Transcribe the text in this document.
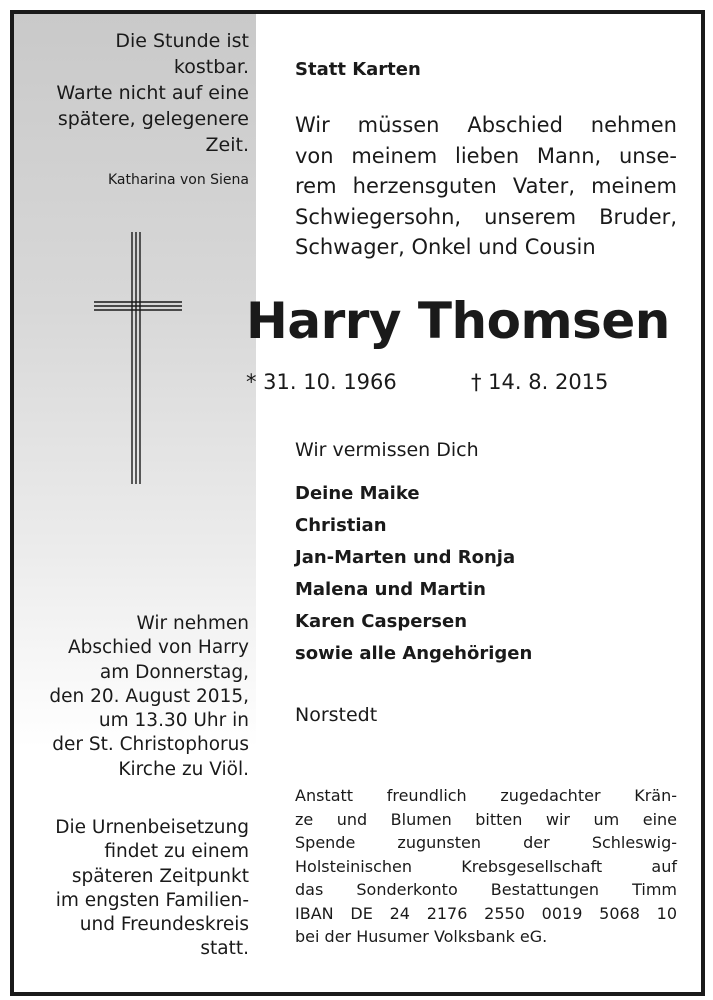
Die Stunde ist
kostbar.
Warte nicht auf eine
spätere, gelegenere
Zeit.
Katharina von Siena
Wir nehmen
Abschied von Harry
am Donnerstag,
den 20. August 2015,
um 13.30 Uhr in
der St. Christophorus
Kirche zu Viöl.
Die Urnenbeisetzung
findet zu einem
späteren Zeitpunkt
im engsten Familien-
und Freundeskreis
statt.
Statt Karten
Wir müssen Abschied nehmen
von meinem lieben Mann, unse-
rem herzensguten Vater, meinem
Schwiegersohn, unserem Bruder,
Schwager, Onkel und Cousin
Harry Thomsen
* 31. 10. 1966	† 14. 8. 2015
Wir vermissen Dich
Deine Maike
Christian
Jan-Marten und Ronja
Malena und Martin
Karen Caspersen
sowie alle Angehörigen
Norstedt
Anstatt freundlich zugedachter Krän-
ze und Blumen bitten wir um eine
Spende zugunsten der Schleswig-
Holsteinischen Krebsgesellschaft auf
das Sonderkonto Bestattungen Timm
IBAN DE 24 2176 2550 0019 5068 10
bei der Husumer Volksbank eG.
